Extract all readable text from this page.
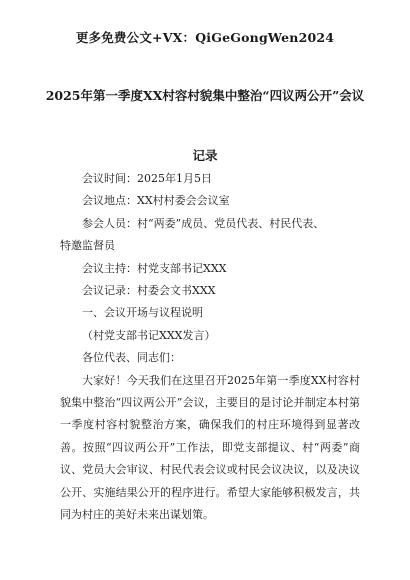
更多免费公文+VX：QiGeGongWen2024
2025年第一季度XX村容村貌集中整治“四议两公开”会议
记录

会议时间：2025年1月5日

会议地点：XX村村委会会议室

参会人员：村“两委”成员、党员代表、村民代表、

特邀监督员

会议主持：村党支部书记XXX

会议记录：村委会文书XXX

一、会议开场与议程说明

（村党支部书记XXX发言）

各位代表、同志们：

大家好！今天我们在这里召开2025年第一季度XX村容村貌集中整治“四议两公开”会议，主要目的是讨论并制定本村第一季度村容村貌整治方案，确保我们的村庄环境得到显著改善。按照“四议两公开”工作法，即党支部提议、村“两委”商议、党员大会审议、村民代表会议或村民会议决议，以及决议公开、实施结果公开的程序进行。希望大家能够积极发言，共同为村庄的美好未来出谋划策。
